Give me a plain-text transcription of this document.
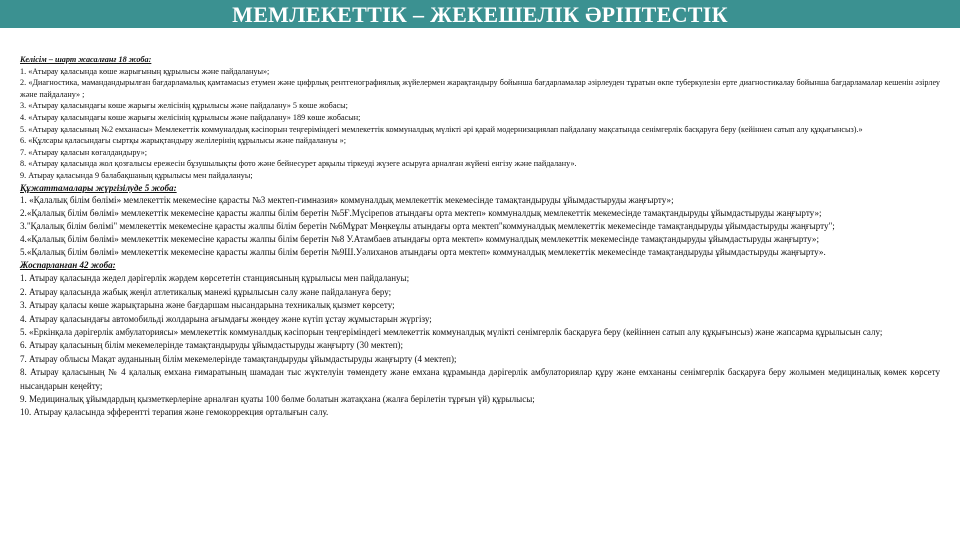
МЕМЛЕКЕТТІК – ЖЕКЕШЕЛІК ӘРІПТЕСТІК
Келісім – шарт жасалғанғ 18 жоба:
1. «Атырау қаласында көше жарығының құрылысы және пайдалануы»;
2. «Диагностика, мамандандырылған бағдарламалық қамтамасыз етумен және цифрлық рентгенографиялық жүйелермен жарақтандыру бойынша бағдарламалар әзірлеуден тұратын өкпе туберкулезін ерте диагностикалау бойынша бағдарламалар кешенін әзірлеу және пайдалану» ;
3. «Атырау қаласындағы көше жарығы желісінің құрылысы және пайдалану» 5 көше жобасы;
4. «Атырау қаласындағы көше жарығы желісінің құрылысы және пайдалану» 189 көше жобасын;
5. «Атырау қаласының №2 емханасы» Мемлекеттік коммуналдық кәсіпорын теңгеріміндегі мемлекеттік коммуналдық мүлікті әрі қарай модернизациялап пайдалану мақсатында сенімгерлік басқаруға беру (кейіннен сатып алу құқығынсыз).»
6. «Құлсары қаласындағы сыртқы жарықтандыру желілерінің құрылысы және пайдалануы »;
7. «Атырау қаласын көгалдандыру»;
8. «Атырау қаласында жол қозғалысы ережесін бұзушылықты фото және бейнесурет арқылы тіркеуді жүзеге асыруға арналған жүйені енгізу және пайдалану».
9. Атырау қаласында 9 балабақшаның құрылысы мен пайдалануы;
Құжаттамалары жүргізілуде 5 жоба:
1. «Қалалық білім бөлімі» мемлекеттік мекемесіне қарасты №3 мектеп-гимназия» коммуналдық мемлекеттік мекемесінде тамақтандыруды ұйымдастыруды жаңғырту»;
2.«Қалалық білім бөлімі» мемлекеттік мекемесіне қарасты жалпы білім беретін №5Ғ.Мүсірепов атындағы орта мектеп» коммуналдық мемлекеттік мекемесінде тамақтандыруды ұйымдастыруды жаңғырту»;
3."Қалалық білім бөлімі" мемлекеттік мекемесіне қарасты жалпы білім беретін №6Мұрат Мөңкеұлы атындағы орта мектеп"коммуналдық мемлекеттік мекемесінде тамақтандыруды ұйымдастыруды жаңғырту";
4.«Қалалық білім бөлімі» мемлекеттік мекемесіне қарасты жалпы білім беретін №8 У.Атамбаев атындағы орта мектеп» коммуналдық мемлекеттік мекемесінде тамақтандыруды ұйымдастыруды жаңғырту»;
5.«Қалалық білім бөлімі» мемлекеттік мекемесіне қарасты жалпы білім беретін №9Ш.Уәлиханов атындағы орта мектеп» коммуналдық мемлекеттік мекемесінде тамақтандыруды ұйымдастыруды жаңғырту».
Жоспарланған 42 жоба:
1. Атырау қаласында жедел дәрігерлік жәрдем көрсететін станциясының құрылысы мен пайдалануы;
2. Атырау қаласында жабық жеңіл атлетикалық манежі құрылысын салу және пайдалануға беру;
3. Атырау қаласы көше жарықтарына және бағдаршам нысандарына техникалық қызмет көрсету;
4. Атырау қаласындағы автомобильді жолдарына ағымдағы жөндеу және күтіп ұстау жұмыстарын жүргізу;
5. «Еркінқала дәрігерлік амбулаториясы» мемлекеттік коммуналдық кәсіпорын теңгеріміндегі мемлекеттік коммуналдық мүлікті сенімгерлік басқаруға беру (кейіннен сатып алу құқығынсыз) және жапсарма құрылысын салу;
6. Атырау қаласының білім мекемелерінде тамақтандыруды ұйымдастыруды жаңғырту (30 мектеп);
7. Атырау облысы Мақат ауданының білім мекемелерінде тамақтандыруды ұйымдастыруды жаңғырту (4 мектеп);
8. Атырау қаласының № 4 қалалық емхана ғимаратының шамадан тыс жүктелуін төмендету және емхана құрамында дәрігерлік амбулаториялар құру және емхананы сенімгерлік басқаруға беру жолымен медициналық көмек көрсету нысандарын кеңейту;
9. Медициналық ұйымдардың қызметкерлеріне арналған қуаты 100 бөлме болатын жатақхана (жалға берілетін тұрғын үй) құрылысы;
10. Атырау қаласында эфферентті терапия және гемокоррекция орталығын салу.
